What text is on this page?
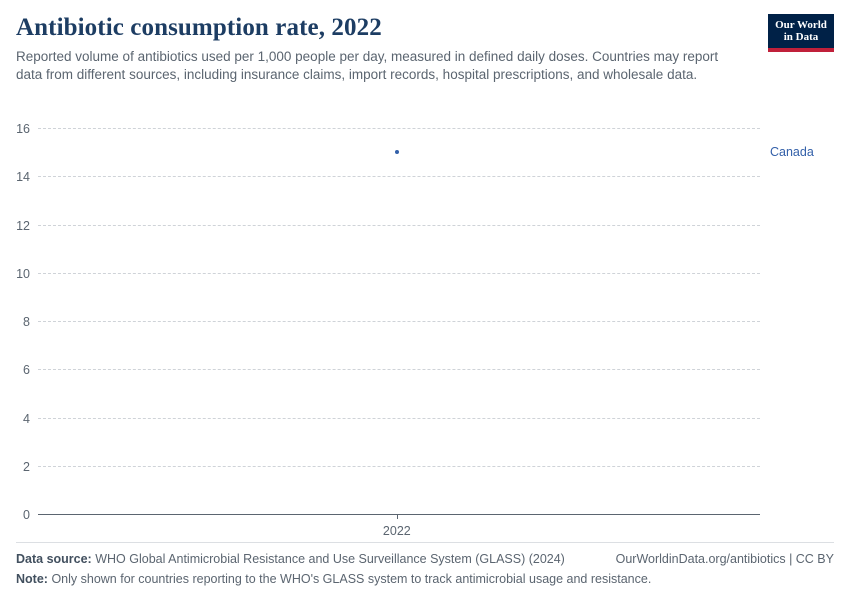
Antibiotic consumption rate, 2022

Reported volume of antibiotics used per 1,000 people per day, measured in defined daily doses. Countries may report data from different sources, including insurance claims, import records, hospital prescriptions, and wholesale data.

Our World
in Data
0
2
4
6
8
10
12
14
16
2022
Canada
Data source: WHO Global Antimicrobial Resistance and Use Surveillance System (GLASS) (2024)	OurWorldinData.org/antibiotics | CC BY
Note: Only shown for countries reporting to the WHO's GLASS system to track antimicrobial usage and resistance.
